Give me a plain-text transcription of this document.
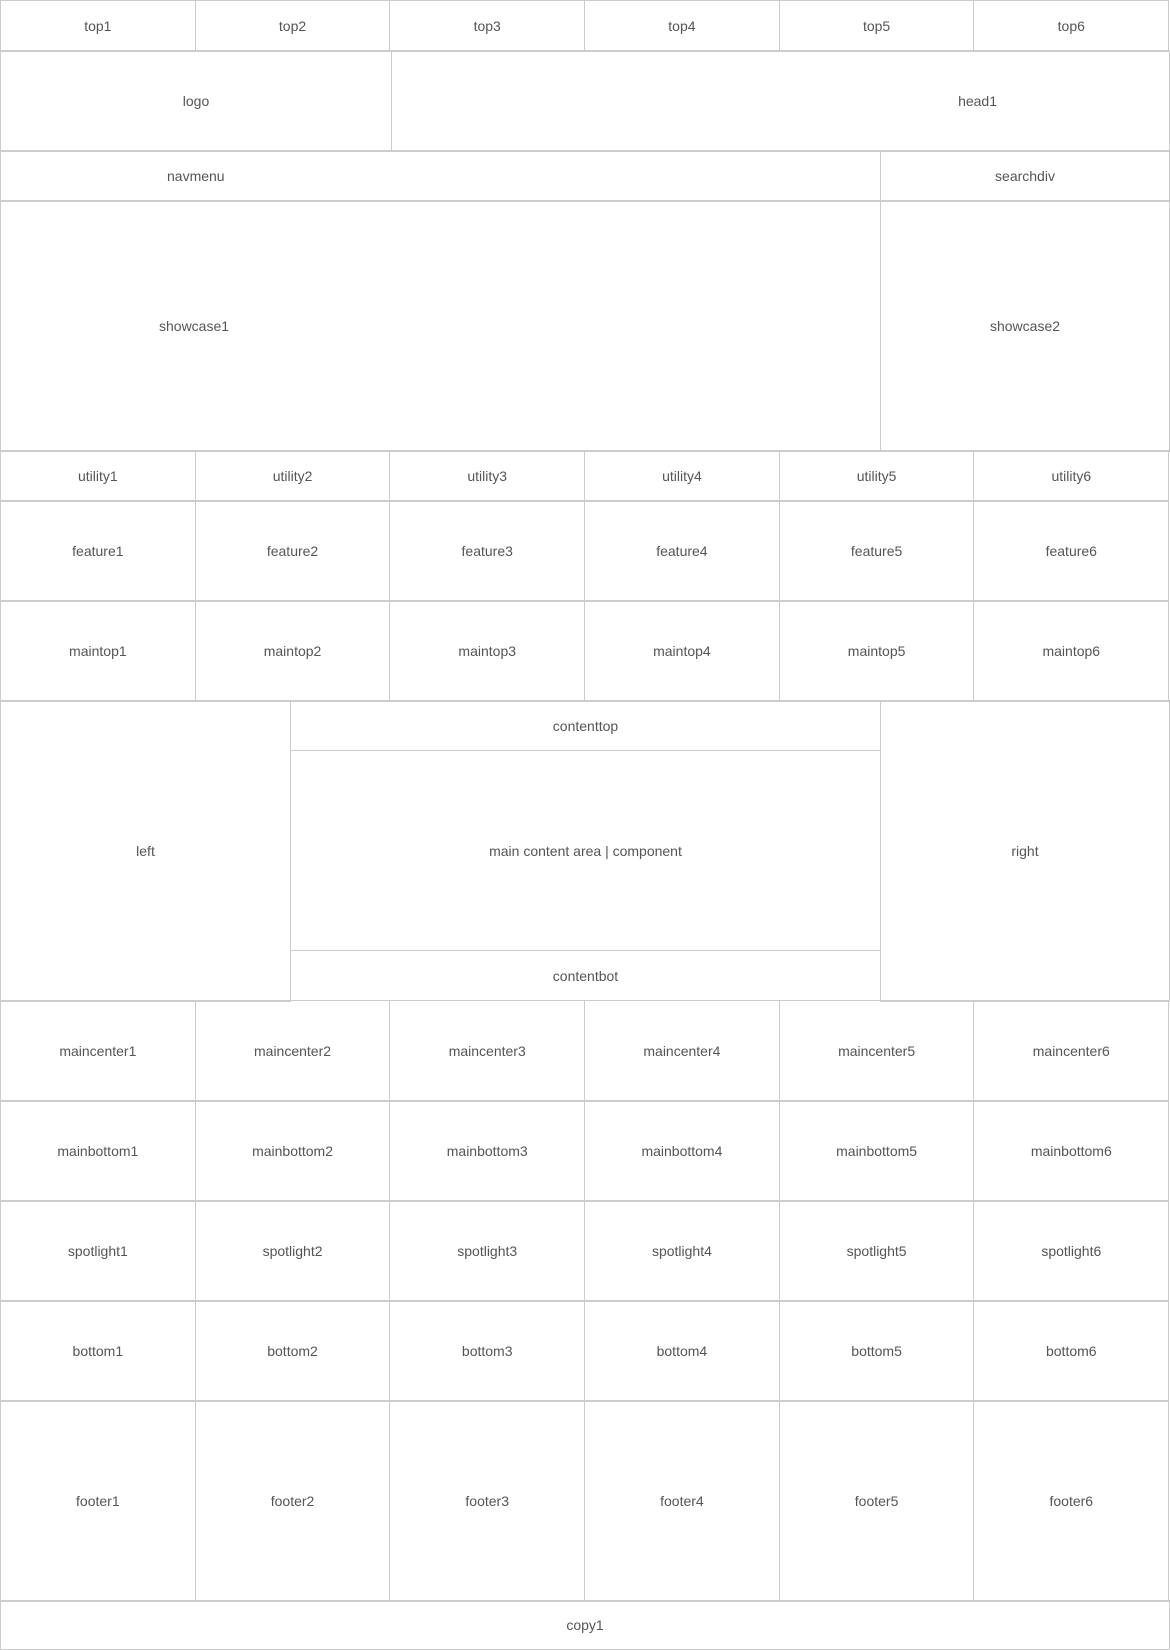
top1	top2	top3	top4	top5	top6
logo	head1
navmenu	searchdiv
showcase1	showcase2
utility1	utility2	utility3	utility4	utility5	utility6
feature1	feature2	feature3	feature4	feature5	feature6
maintop1	maintop2	maintop3	maintop4	maintop5	maintop6
left
contenttop
main content area | component
contentbot
right
maincenter1	maincenter2	maincenter3	maincenter4	maincenter5	maincenter6
mainbottom1	mainbottom2	mainbottom3	mainbottom4	mainbottom5	mainbottom6
spotlight1	spotlight2	spotlight3	spotlight4	spotlight5	spotlight6
bottom1	bottom2	bottom3	bottom4	bottom5	bottom6
footer1	footer2	footer3	footer4	footer5	footer6
copy1
